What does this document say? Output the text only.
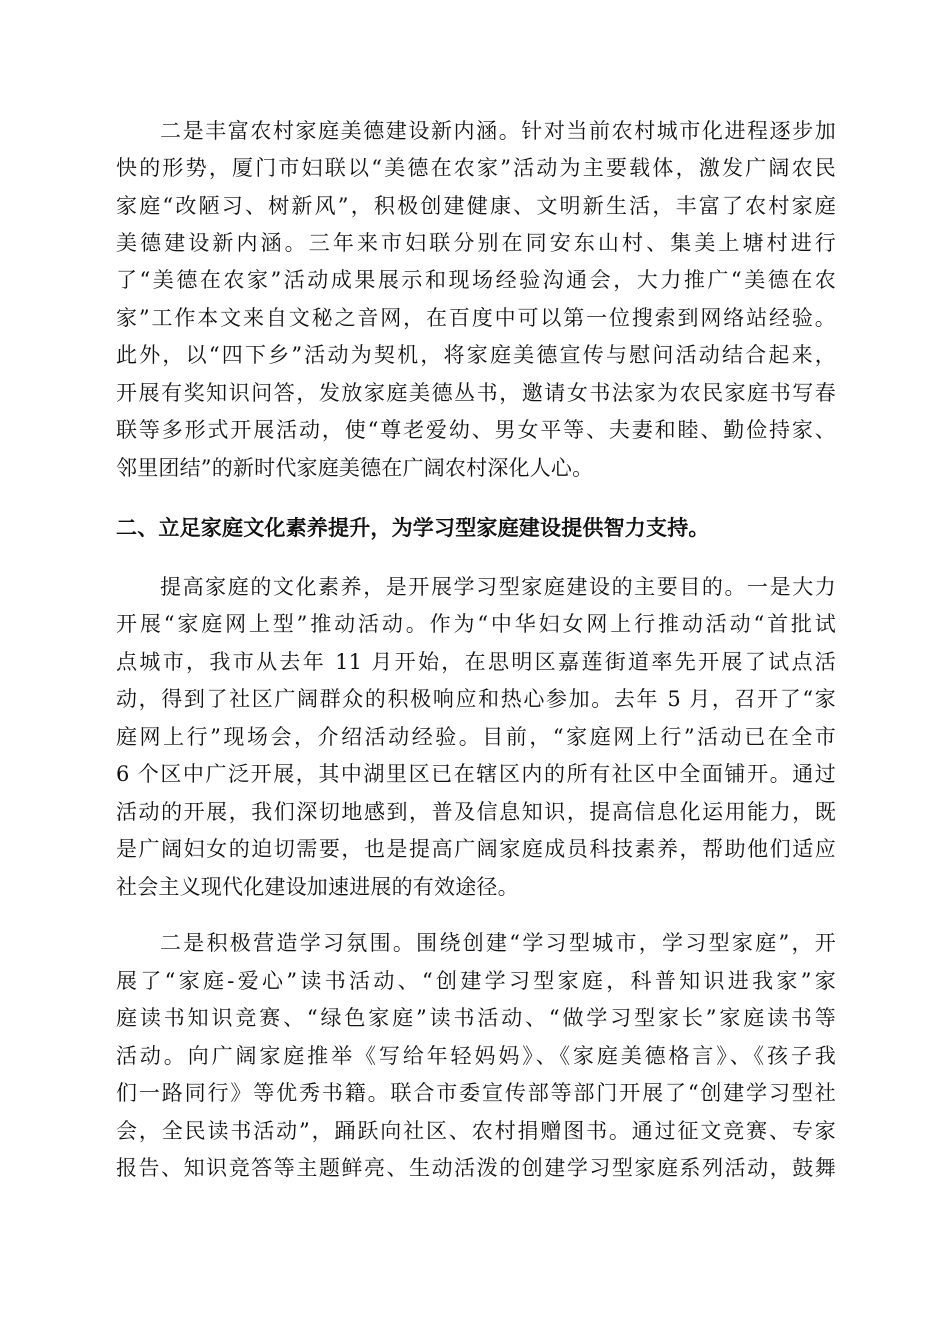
二是丰富农村家庭美德建设新内涵。针对当前农村城市化进程逐步加
快的形势，厦门市妇联以“美德在农家”活动为主要载体，激发广阔农民
家庭“改陋习、树新风”，积极创建健康、文明新生活，丰富了农村家庭
美德建设新内涵。三年来市妇联分别在同安东山村、集美上塘村进行
了“美德在农家”活动成果展示和现场经验沟通会，大力推广“美德在农
家”工作本文来自文秘之音网，在百度中可以第一位搜索到网络站经验。
此外，以“四下乡”活动为契机，将家庭美德宣传与慰问活动结合起来，
开展有奖知识问答，发放家庭美德丛书，邀请女书法家为农民家庭书写春
联等多形式开展活动，使“尊老爱幼、男女平等、夫妻和睦、勤俭持家、
邻里团结”的新时代家庭美德在广阔农村深化人心。
二、立足家庭文化素养提升，为学习型家庭建设提供智力支持。
提高家庭的文化素养，是开展学习型家庭建设的主要目的。一是大力
开展“家庭网上型”推动活动。作为“中华妇女网上行推动活动“首批试
点城市，我市从去年 11 月开始，在思明区嘉莲街道率先开展了试点活
动，得到了社区广阔群众的积极响应和热心参加。去年 5 月，召开了“家
庭网上行”现场会，介绍活动经验。目前，“家庭网上行”活动已在全市
6 个区中广泛开展，其中湖里区已在辖区内的所有社区中全面铺开。通过
活动的开展，我们深切地感到，普及信息知识，提高信息化运用能力，既
是广阔妇女的迫切需要，也是提高广阔家庭成员科技素养，帮助他们适应
社会主义现代化建设加速进展的有效途径。
二是积极营造学习氛围。围绕创建“学习型城市，学习型家庭”，开
展了“家庭-爱心”读书活动、“创建学习型家庭，科普知识进我家”家
庭读书知识竞赛、“绿色家庭”读书活动、“做学习型家长”家庭读书等
活动。向广阔家庭推举《写给年轻妈妈》、《家庭美德格言》、《孩子我
们一路同行》等优秀书籍。联合市委宣传部等部门开展了“创建学习型社
会，全民读书活动”，踊跃向社区、农村捐赠图书。通过征文竞赛、专家
报告、知识竞答等主题鲜亮、生动活泼的创建学习型家庭系列活动，鼓舞
